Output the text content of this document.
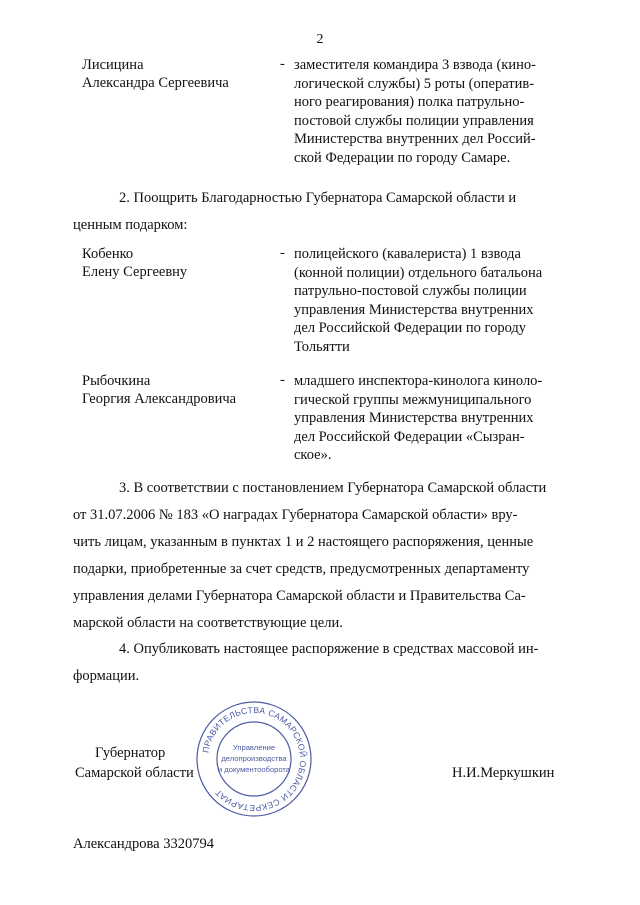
2
Лисицина
Александра Сергеевича
- заместителя командира 3 взвода (кино-
логической службы) 5 роты (оператив-
ного реагирования) полка патрульно-
постовой службы полиции управления
Министерства внутренних дел Россий-
ской Федерации по городу Самаре.
2. Поощрить Благодарностью Губернатора Самарской области и
ценным подарком:
Кобенко
Елену Сергеевну
- полицейского (кавалериста) 1 взвода
(конной полиции) отдельного батальона
патрульно-постовой службы полиции
управления Министерства внутренних
дел Российской Федерации по городу
Тольятти
Рыбочкина
Георгия Александровича
- младшего инспектора-кинолога киноло-
гической группы межмуниципального
управления Министерства внутренних
дел Российской Федерации «Сызран-
ское».
3. В соответствии с постановлением Губернатора Самарской области
от 31.07.2006 № 183 «О наградах Губернатора Самарской области» вру-
чить лицам, указанным в пунктах 1 и 2 настоящего распоряжения, ценные
подарки, приобретенные за счет средств, предусмотренных департаменту
управления делами Губернатора Самарской области и Правительства Са-
марской области на соответствующие цели.
4. Опубликовать настоящее распоряжение в средствах массовой ин-
формации.
Губернатор
Самарской области	Н.И.Меркушкин
ПРАВИТЕЛЬСТВА САМАРСКОЙ ОБЛАСТИ СЕКРЕТАРИАТ
Управление
делопроизводства
и документооборота
Александрова 3320794
